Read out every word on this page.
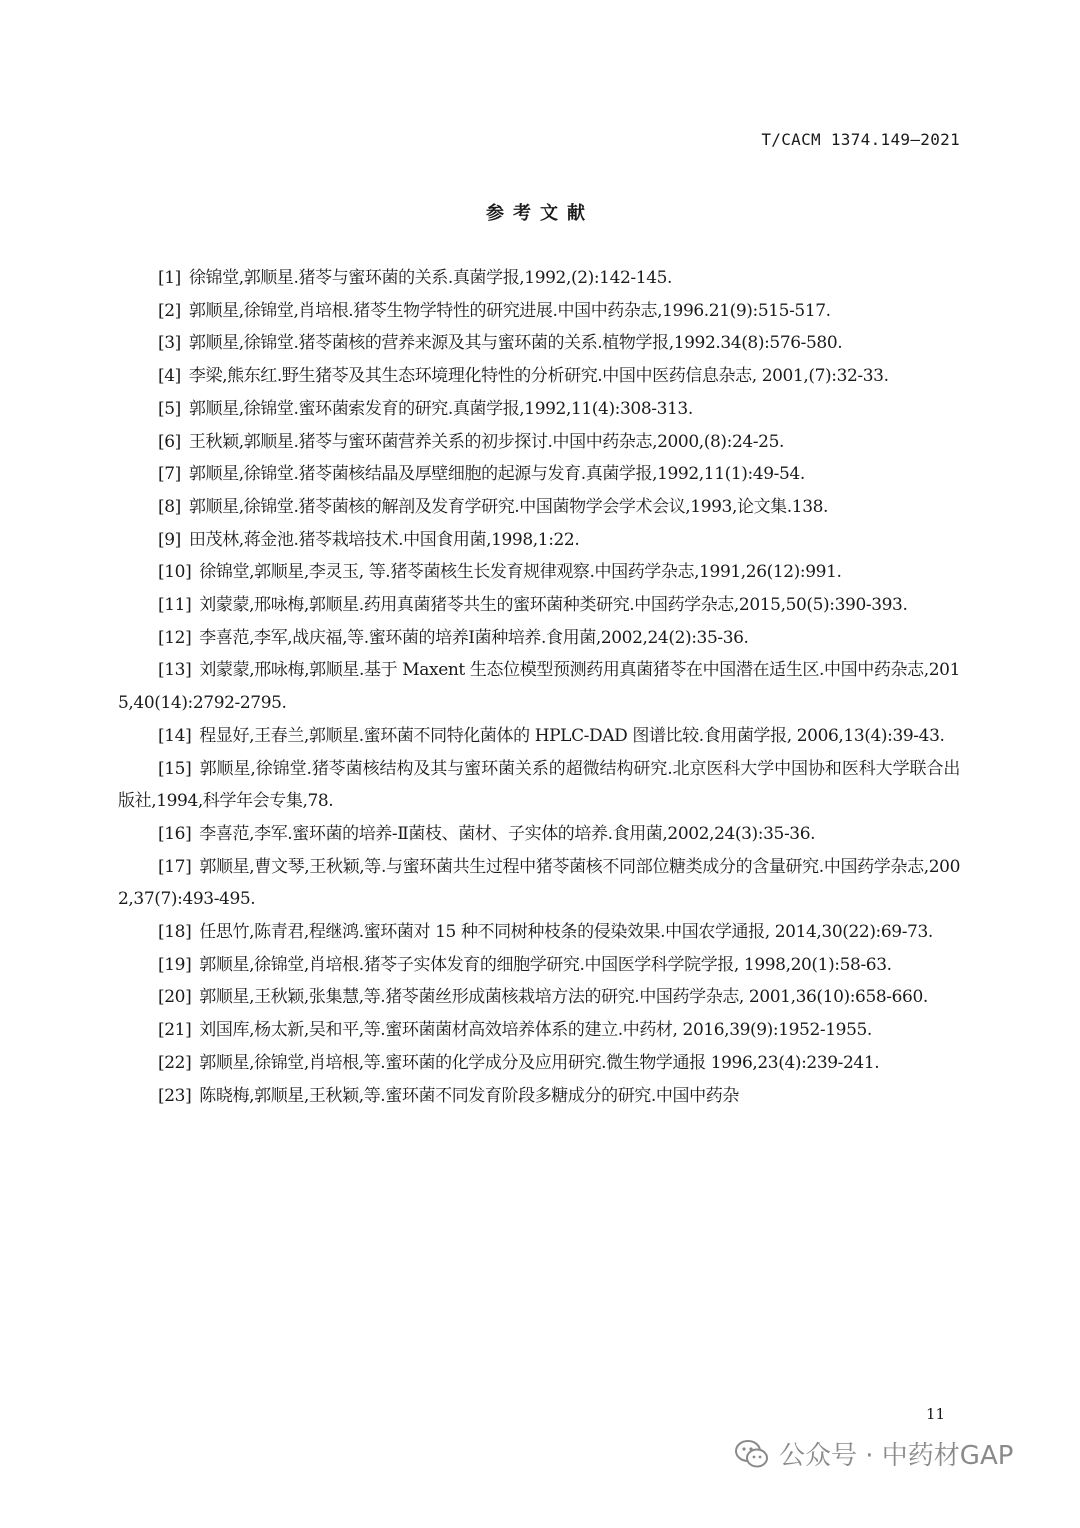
T/CACM 1374.149—2021
参考文献

[1] 徐锦堂,郭顺星.猪苓与蜜环菌的关系.真菌学报,1992,(2):142-145.

[2] 郭顺星,徐锦堂,肖培根.猪苓生物学特性的研究进展.中国中药杂志,1996.21(9):515-517.

[3] 郭顺星,徐锦堂.猪苓菌核的营养来源及其与蜜环菌的关系.植物学报,1992.34(8):576-580.

[4] 李梁,熊东红.野生猪苓及其生态环境理化特性的分析研究.中国中医药信息杂志, 2001,(7):32-33.

[5] 郭顺星,徐锦堂.蜜环菌索发育的研究.真菌学报,1992,11(4):308-313.

[6] 王秋颖,郭顺星.猪苓与蜜环菌营养关系的初步探讨.中国中药杂志,2000,(8):24-25.

[7] 郭顺星,徐锦堂.猪苓菌核结晶及厚壁细胞的起源与发育.真菌学报,1992,11(1):49-54.

[8] 郭顺星,徐锦堂.猪苓菌核的解剖及发育学研究.中国菌物学会学术会议,1993,论文集.138.

[9] 田茂林,蒋金池.猪苓栽培技术.中国食用菌,1998,1:22.

[10] 徐锦堂,郭顺星,李灵玉, 等.猪苓菌核生长发育规律观察.中国药学杂志,1991,26(12):991.

[11] 刘蒙蒙,邢咏梅,郭顺星.药用真菌猪苓共生的蜜环菌种类研究.中国药学杂志,2015,50(5):390-393.

[12] 李喜范,李军,战庆福,等.蜜环菌的培养Ⅰ菌种培养.食用菌,2002,24(2):35-36.

[13] 刘蒙蒙,邢咏梅,郭顺星.基于 Maxent 生态位模型预测药用真菌猪苓在中国潜在适生区.中国中药杂志,2015,40(14):2792-2795.

[14] 程显好,王春兰,郭顺星.蜜环菌不同特化菌体的 HPLC-DAD 图谱比较.食用菌学报, 2006,13(4):39-43.

[15] 郭顺星,徐锦堂.猪苓菌核结构及其与蜜环菌关系的超微结构研究.北京医科大学中国协和医科大学联合出版社,1994,科学年会专集,78.

[16] 李喜范,李军.蜜环菌的培养-Ⅱ菌枝、菌材、子实体的培养.食用菌,2002,24(3):35-36.

[17] 郭顺星,曹文琴,王秋颖,等.与蜜环菌共生过程中猪苓菌核不同部位糖类成分的含量研究.中国药学杂志,2002,37(7):493-495.

[18] 任思竹,陈青君,程继鸿.蜜环菌对 15 种不同树种枝条的侵染效果.中国农学通报, 2014,30(22):69-73.

[19] 郭顺星,徐锦堂,肖培根.猪苓子实体发育的细胞学研究.中国医学科学院学报, 1998,20(1):58-63.

[20] 郭顺星,王秋颖,张集慧,等.猪苓菌丝形成菌核栽培方法的研究.中国药学杂志, 2001,36(10):658-660.

[21] 刘国库,杨太新,吴和平,等.蜜环菌菌材高效培养体系的建立.中药材, 2016,39(9):1952-1955.

[22] 郭顺星,徐锦堂,肖培根,等.蜜环菌的化学成分及应用研究.微生物学通报 1996,23(4):239-241.

[23] 陈晓梅,郭顺星,王秋颖,等.蜜环菌不同发育阶段多糖成分的研究.中国中药杂

11
公众号 · 中药材GAP
